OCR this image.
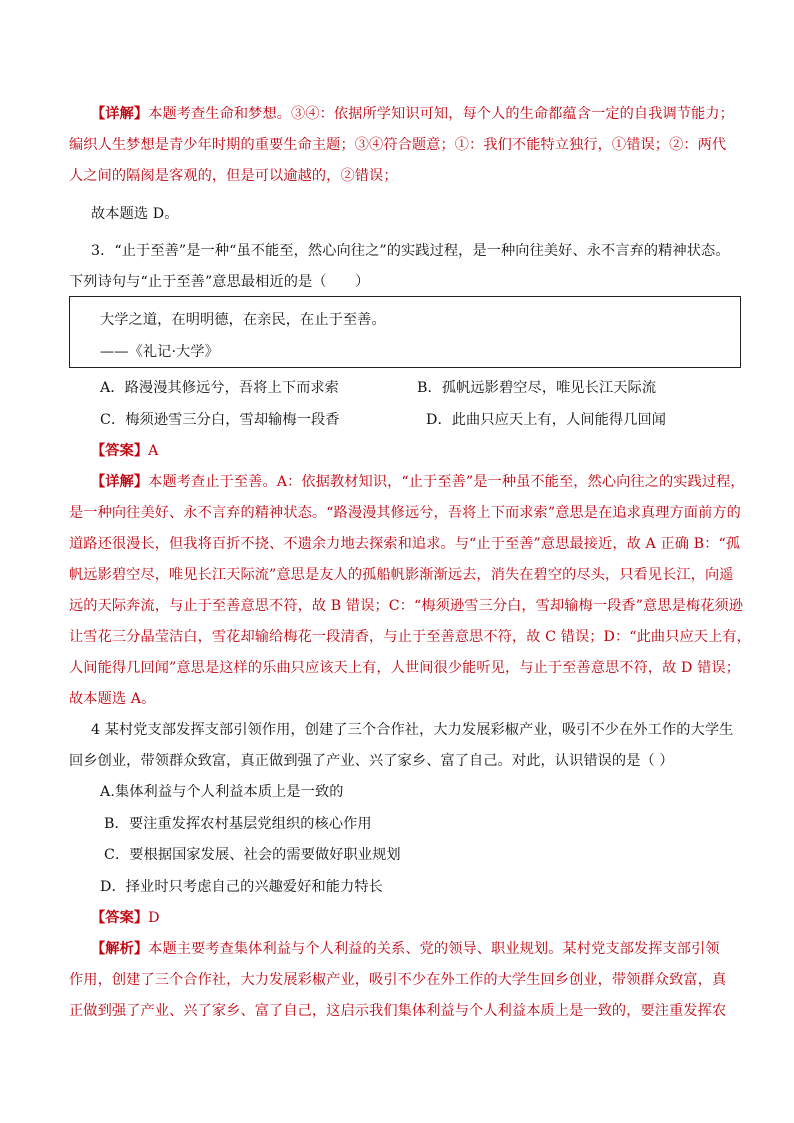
【详解】本题考查生命和梦想。③④：依据所学知识可知，每个人的生命都蕴含一定的自我调节能力；
编织人生梦想是青少年时期的重要生命主题；③④符合题意；①：我们不能特立独行，①错误；②：两代
人之间的隔阂是客观的，但是可以逾越的，②错误；
故本题选 D。
3．“止于至善”是一种“虽不能至，然心向往之”的实践过程，是一种向往美好、永不言弃的精神状态。
下列诗句与“止于至善”意思最相近的是（　　）
大学之道，在明明德，在亲民，在止于至善。
——《礼记·大学》
A．路漫漫其修远兮，吾将上下而求索	B．孤帆远影碧空尽，唯见长江天际流
C．梅须逊雪三分白，雪却输梅一段香	D．此曲只应天上有，人间能得几回闻
【答案】A
【详解】本题考查止于至善。A：依据教材知识，“止于至善”是一种虽不能至，然心向往之的实践过程，
是一种向往美好、永不言弃的精神状态。“路漫漫其修远兮，吾将上下而求索”意思是在追求真理方面前方的
道路还很漫长，但我将百折不挠、不遗余力地去探索和追求。与“止于至善”意思最接近，故 A 正确 B：“孤
帆远影碧空尽，唯见长江天际流”意思是友人的孤船帆影渐渐远去，消失在碧空的尽头，只看见长江，向遥
远的天际奔流，与止于至善意思不符，故 B 错误；C：“梅须逊雪三分白，雪却输梅一段香”意思是梅花须逊
让雪花三分晶莹洁白，雪花却输给梅花一段清香，与止于至善意思不符，故 C 错误；D：“此曲只应天上有，
人间能得几回闻”意思是这样的乐曲只应该天上有，人世间很少能听见，与止于至善意思不符，故 D 错误；
故本题选 A。
4 某村党支部发挥支部引领作用，创建了三个合作社，大力发展彩椒产业，吸引不少在外工作的大学生
回乡创业，带领群众致富，真正做到强了产业、兴了家乡、富了自己。对此，认识错误的是（ ）
A.集体利益与个人利益本质上是一致的
B．要注重发挥农村基层党组织的核心作用
C．要根据国家发展、社会的需要做好职业规划
D．择业时只考虑自己的兴趣爱好和能力特长
【答案】D
【解析】本题主要考查集体利益与个人利益的关系、党的领导、职业规划。某村党支部发挥支部引领
作用，创建了三个合作社，大力发展彩椒产业，吸引不少在外工作的大学生回乡创业，带领群众致富，真
正做到强了产业、兴了家乡、富了自己，这启示我们集体利益与个人利益本质上是一致的，要注重发挥农
